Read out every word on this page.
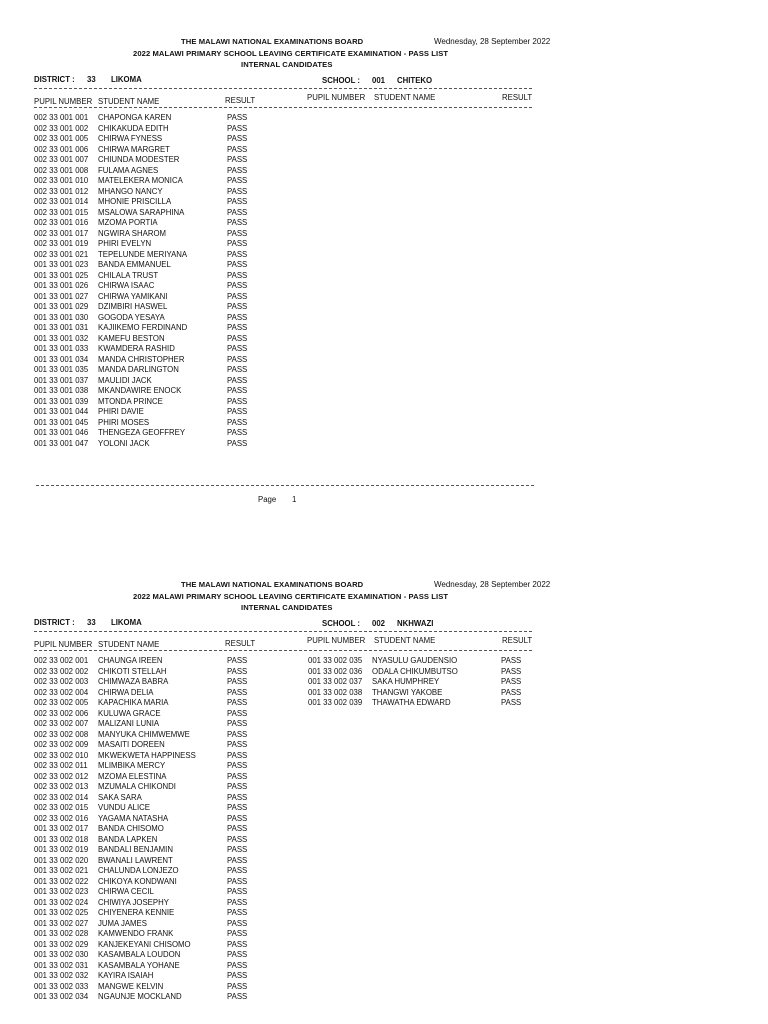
THE MALAWI NATIONAL EXAMINATIONS BOARD	Wednesday, 28 September 2022
2022 MALAWI PRIMARY SCHOOL LEAVING CERTIFICATE EXAMINATION - PASS LIST
INTERNAL CANDIDATES
DISTRICT : 33 LIKOMA	SCHOOL : 001 CHITEKO
PUPIL NUMBER STUDENT NAME	RESULT	PUPIL NUMBER STUDENT NAME	RESULT
002 33 001 001 CHAPONGA KAREN	PASS
002 33 001 002 CHIKAKUDA EDITH	PASS
002 33 001 005 CHIRWA FYNESS	PASS
002 33 001 006 CHIRWA MARGRET	PASS
002 33 001 007 CHIUNDA MODESTER	PASS
002 33 001 008 FULAMA AGNES	PASS
002 33 001 010 MATELEKERA MONICA	PASS
002 33 001 012 MHANGO NANCY	PASS
002 33 001 014 MHONIE PRISCILLA	PASS
002 33 001 015 MSALOWA SARAPHINA	PASS
002 33 001 016 MZOMA PORTIA	PASS
002 33 001 017 NGWIRA SHAROM	PASS
002 33 001 019 PHIRI EVELYN	PASS
002 33 001 021 TEPELUNDE MERIYANA	PASS
001 33 001 023 BANDA EMMANUEL	PASS
001 33 001 025 CHILALA TRUST	PASS
001 33 001 026 CHIRWA ISAAC	PASS
001 33 001 027 CHIRWA YAMIKANI	PASS
001 33 001 029 DZIMBIRI HASWEL	PASS
001 33 001 030 GOGODA YESAYA	PASS
001 33 001 031 KAJIIKEMO FERDINAND	PASS
001 33 001 032 KAMEFU BESTON	PASS
001 33 001 033 KWAMDERA RASHID	PASS
001 33 001 034 MANDA CHRISTOPHER	PASS
001 33 001 035 MANDA DARLINGTON	PASS
001 33 001 037 MAULIDI JACK	PASS
001 33 001 038 MKANDAWIRE ENOCK	PASS
001 33 001 039 MTONDA PRINCE	PASS
001 33 001 044 PHIRI DAVIE	PASS
001 33 001 045 PHIRI MOSES	PASS
001 33 001 046 THENGEZA GEOFFREY	PASS
001 33 001 047 YOLONI JACK	PASS
Page 1
THE MALAWI NATIONAL EXAMINATIONS BOARD	Wednesday, 28 September 2022
2022 MALAWI PRIMARY SCHOOL LEAVING CERTIFICATE EXAMINATION - PASS LIST
INTERNAL CANDIDATES
DISTRICT : 33 LIKOMA	SCHOOL : 002 NKHWAZI
PUPIL NUMBER STUDENT NAME	RESULT	PUPIL NUMBER STUDENT NAME	RESULT
002 33 002 001 CHAUNGA IREEN	PASS
002 33 002 002 CHIKOTI STELLAH	PASS
002 33 002 003 CHIMWAZA BABRA	PASS
002 33 002 004 CHIRWA DELIA	PASS
002 33 002 005 KAPACHIKA MARIA	PASS
002 33 002 006 KULUWA GRACE	PASS
002 33 002 007 MALIZANI LUNIA	PASS
002 33 002 008 MANYUKA CHIMWEMWE	PASS
002 33 002 009 MASAITI DOREEN	PASS
002 33 002 010 MKWEKWETA HAPPINESS	PASS
002 33 002 011 MLIMBIKA MERCY	PASS
002 33 002 012 MZOMA ELESTINA	PASS
002 33 002 013 MZUMALA CHIKONDI	PASS
002 33 002 014 SAKA SARA	PASS
002 33 002 015 VUNDU ALICE	PASS
002 33 002 016 YAGAMA NATASHA	PASS
001 33 002 017 BANDA CHISOMO	PASS
001 33 002 018 BANDA LAPKEN	PASS
001 33 002 019 BANDALI BENJAMIN	PASS
001 33 002 020 BWANALI LAWRENT	PASS
001 33 002 021 CHALUNDA LONJEZO	PASS
001 33 002 022 CHIKOYA KONDWANI	PASS
001 33 002 023 CHIRWA CECIL	PASS
001 33 002 024 CHIWIYA JOSEPHY	PASS
001 33 002 025 CHIYENERA KENNIE	PASS
001 33 002 027 JUMA JAMES	PASS
001 33 002 028 KAMWENDO FRANK	PASS
001 33 002 029 KANJEKEYANI CHISOMO	PASS
001 33 002 030 KASAMBALA LOUDON	PASS
001 33 002 031 KASAMBALA YOHANE	PASS
001 33 002 032 KAYIRA ISAIAH	PASS
001 33 002 033 MANGWE KELVIN	PASS
001 33 002 034 NGAUNJE MOCKLAND	PASS
001 33 002 035 NYASULU GAUDENSIO	PASS
001 33 002 036 ODALA CHIKUMBUTSO	PASS
001 33 002 037 SAKA HUMPHREY	PASS
001 33 002 038 THANGWI YAKOBE	PASS
001 33 002 039 THAWATHA EDWARD	PASS
